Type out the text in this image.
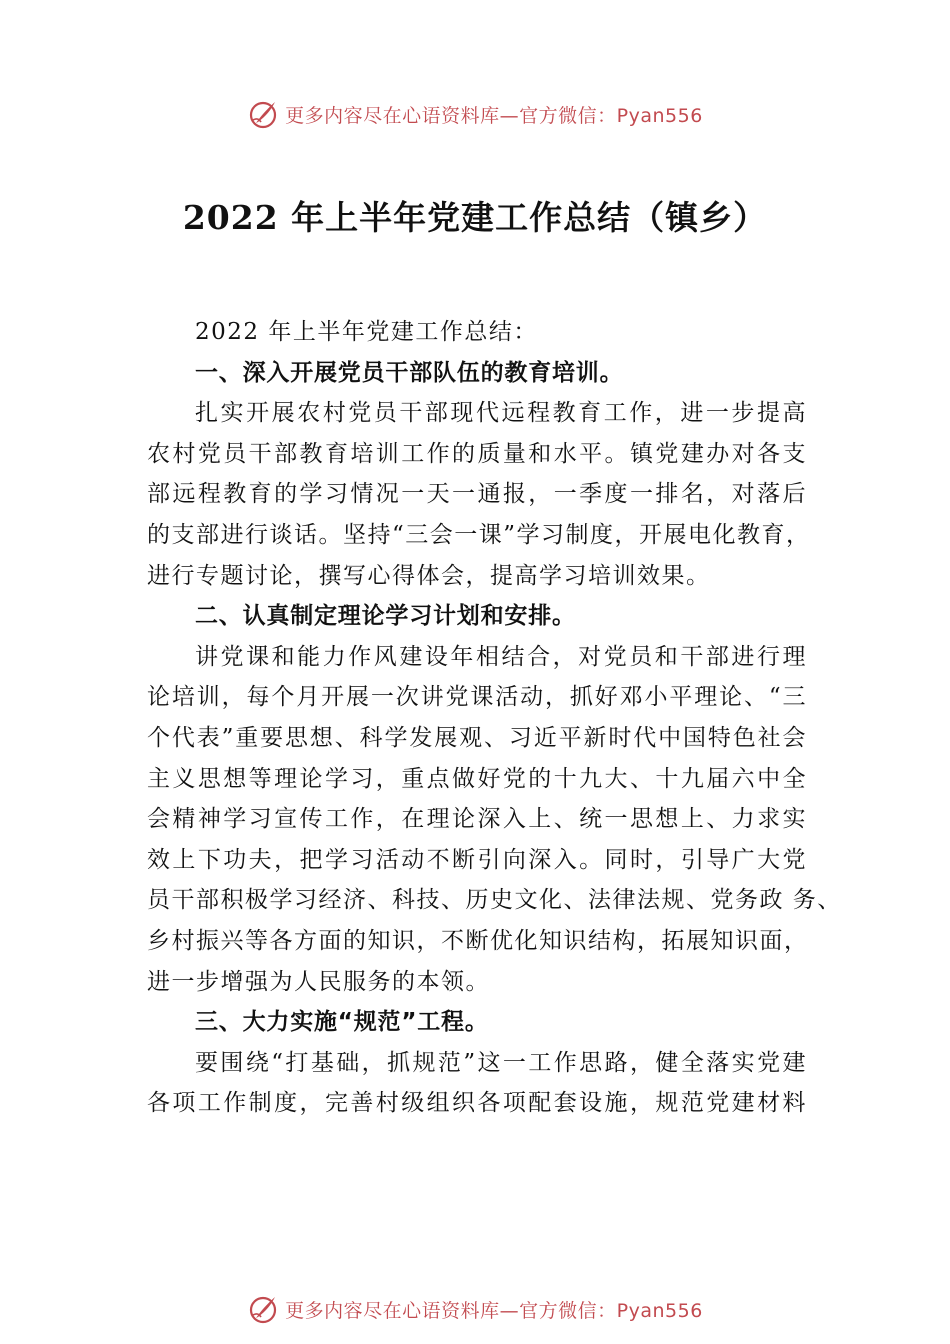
更多内容尽在心语资料库—官方微信：Pyan556
2022 年上半年党建工作总结（镇乡）
2022 年上半年党建工作总结：
一、深入开展党员干部队伍的教育培训。
扎实开展农村党员干部现代远程教育工作，进一步提高
农村党员干部教育培训工作的质量和水平。镇党建办对各支
部远程教育的学习情况一天一通报，一季度一排名，对落后
的支部进行谈话。坚持“三会一课”学习制度，开展电化教育，
进行专题讨论，撰写心得体会，提高学习培训效果。
二、认真制定理论学习计划和安排。
讲党课和能力作风建设年相结合，对党员和干部进行理
论培训，每个月开展一次讲党课活动，抓好邓小平理论、“三
个代表”重要思想、科学发展观、习近平新时代中国特色社会
主义思想等理论学习，重点做好党的十九大、十九届六中全
会精神学习宣传工作，在理论深入上、统一思想上、力求实
效上下功夫，把学习活动不断引向深入。同时，引导广大党
员干部积极学习经济、科技、历史文化、法律法规、党务政 务、
乡村振兴等各方面的知识，不断优化知识结构，拓展知识面，
进一步增强为人民服务的本领。
三、大力实施“规范”工程。
要围绕“打基础，抓规范”这一工作思路，健全落实党建
各项工作制度，完善村级组织各项配套设施，规范党建材料
更多内容尽在心语资料库—官方微信：Pyan556
